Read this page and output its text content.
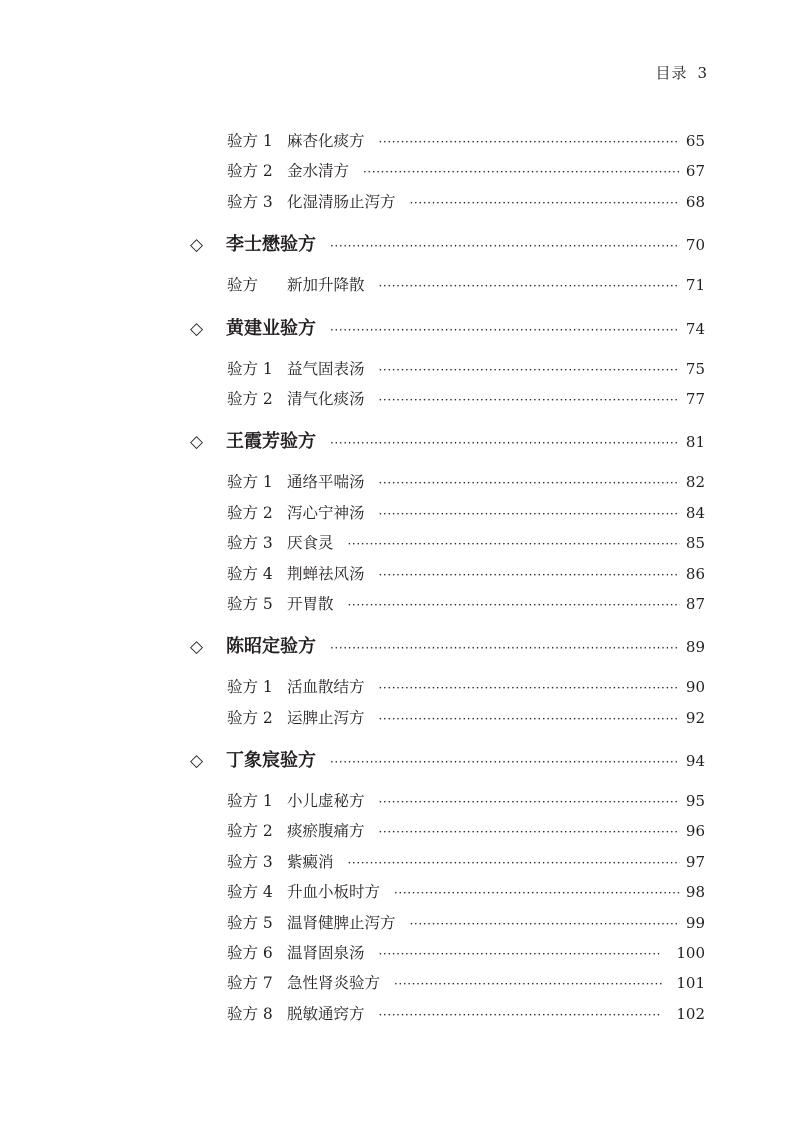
目录 3
验方 1 麻杏化痰方 ·····	65
验方 2 金水清方 ·····	67
验方 3 化湿清肠止泻方 ·····	68
◇	李士懋验方 ·····	70
验方	新加升降散 ·····	71
◇	黄建业验方 ·····	74
验方 1 益气固表汤 ·····	75
验方 2 清气化痰汤 ·····	77
◇	王霞芳验方 ·····	81
验方 1 通络平喘汤 ·····	82
验方 2 泻心宁神汤 ·····	84
验方 3 厌食灵 ·····	85
验方 4 荆蝉祛风汤 ·····	86
验方 5 开胃散 ·····	87
◇	陈昭定验方 ·····	89
验方 1 活血散结方 ·····	90
验方 2 运脾止泻方 ·····	92
◇	丁象宸验方 ·····	94
验方 1 小儿虚秘方 ·····	95
验方 2 痰瘀腹痛方 ·····	96
验方 3 紫癜消 ·····	97
验方 4 升血小板时方 ·····	98
验方 5 温肾健脾止泻方 ·····	99
验方 6 温肾固泉汤 ·····	100
验方 7 急性肾炎验方 ·····	101
验方 8 脱敏通窍方 ·····	102
